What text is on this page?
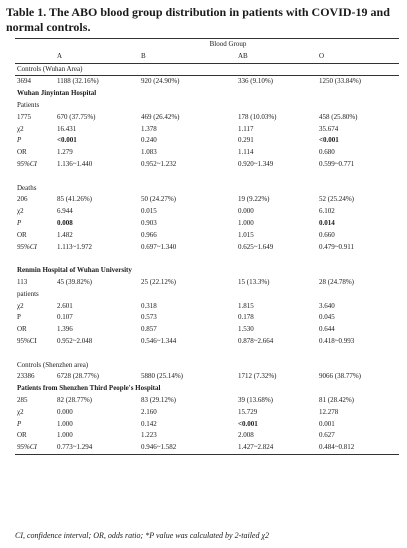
Table 1. The ABO blood group distribution in patients with COVID-19 and normal controls.
	Blood Group			
	A	B	AB	O
Controls (Wuhan Area)				
3694	1188 (32.16%)	920 (24.90%)	336 (9.10%)	1250 (33.84%)
Wuhan Jinyintan Hospital				
Patients				
1775	670 (37.75%)	469 (26.42%)	178 (10.03%)	458 (25.80%)
χ2	16.431	1.378	1.117	35.674
P	<0.001	0.240	0.291	<0.001
OR	1.279	1.083	1.114	0.680
95%CI	1.136~1.440	0.952~1.232	0.920~1.349	0.599~0.771

Deaths				
206	85 (41.26%)	50 (24.27%)	19 (9.22%)	52 (25.24%)
χ2	6.944	0.015	0.000	6.102
P	0.008	0.903	1.000	0.014
OR	1.482	0.966	1.015	0.660
95%CI	1.113~1.972	0.697~1.340	0.625~1.649	0.479~0.911

Renmin Hospital of Wuhan University				
113	45 (39.82%)	25 (22.12%)	15 (13.3%)	28 (24.78%)
patients				
χ2	2.601	0.318	1.815	3.640
P	0.107	0.573	0.178	0.045
OR	1.396	0.857	1.530	0.644
95%CI	0.952~2.048	0.546~1.344	0.878~2.664	0.418~0.993

Controls (Shenzhen area)				
23386	6728 (28.77%)	5880 (25.14%)	1712 (7.32%)	9066 (38.77%)
Patients from Shenzhen Third People's Hospital				
285	82 (28.77%)	83 (29.12%)	39 (13.68%)	81 (28.42%)
χ2	0.000	2.160	15.729	12.278
P	1.000	0.142	<0.001	0.001
OR	1.000	1.223	2.008	0.627
95%CI	0.773~1.294	0.946~1.582	1.427~2.824	0.484~0.812

CI, confidence interval; OR, odds ratio; *P value was calculated by 2-tailed χ2
